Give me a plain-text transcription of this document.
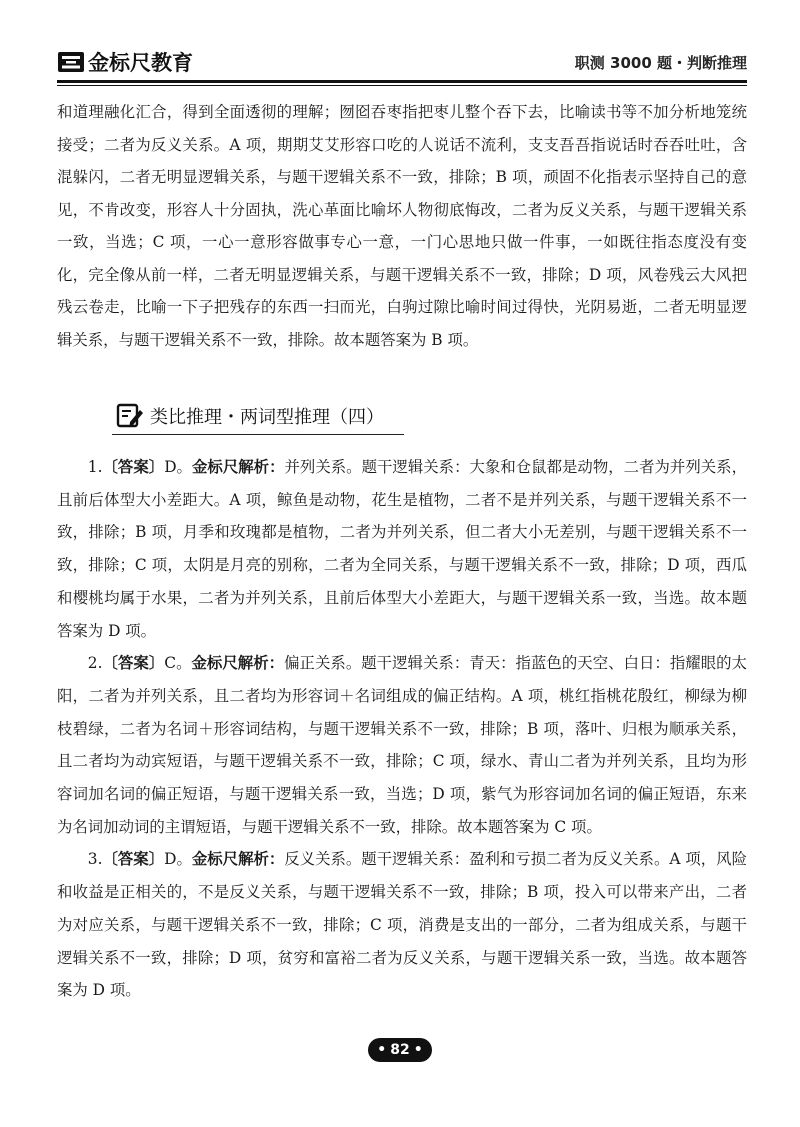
金标尺教育	职测 3000 题・判断推理

和道理融化汇合，得到全面透彻的理解；囫囵吞枣指把枣儿整个吞下去，比喻读书等不加分析地笼统接受；二者为反义关系。A 项，期期艾艾形容口吃的人说话不流利，支支吾吾指说话时吞吞吐吐，含混躲闪，二者无明显逻辑关系，与题干逻辑关系不一致，排除；B 项，顽固不化指表示坚持自己的意见，不肯改变，形容人十分固执，洗心革面比喻坏人物彻底悔改，二者为反义关系，与题干逻辑关系一致，当选；C 项，一心一意形容做事专心一意，一门心思地只做一件事，一如既往指态度没有变化，完全像从前一样，二者无明显逻辑关系，与题干逻辑关系不一致，排除；D 项，风卷残云大风把残云卷走，比喻一下子把残存的东西一扫而光，白驹过隙比喻时间过得快，光阴易逝，二者无明显逻辑关系，与题干逻辑关系不一致，排除。故本题答案为 B 项。

类比推理・两词型推理（四）

1.〔答案〕D。金标尺解析：并列关系。题干逻辑关系：大象和仓鼠都是动物，二者为并列关系，且前后体型大小差距大。A 项，鲸鱼是动物，花生是植物，二者不是并列关系，与题干逻辑关系不一致，排除；B 项，月季和玫瑰都是植物，二者为并列关系，但二者大小无差别，与题干逻辑关系不一致，排除；C 项，太阴是月亮的别称，二者为全同关系，与题干逻辑关系不一致，排除；D 项，西瓜和樱桃均属于水果，二者为并列关系，且前后体型大小差距大，与题干逻辑关系一致，当选。故本题答案为 D 项。

2.〔答案〕C。金标尺解析：偏正关系。题干逻辑关系：青天：指蓝色的天空、白日：指耀眼的太阳，二者为并列关系，且二者均为形容词＋名词组成的偏正结构。A 项，桃红指桃花殷红，柳绿为柳枝碧绿，二者为名词＋形容词结构，与题干逻辑关系不一致，排除；B 项，落叶、归根为顺承关系，且二者均为动宾短语，与题干逻辑关系不一致，排除；C 项，绿水、青山二者为并列关系，且均为形容词加名词的偏正短语，与题干逻辑关系一致，当选；D 项，紫气为形容词加名词的偏正短语，东来为名词加动词的主谓短语，与题干逻辑关系不一致，排除。故本题答案为 C 项。

3.〔答案〕D。金标尺解析：反义关系。题干逻辑关系：盈利和亏损二者为反义关系。A 项，风险和收益是正相关的，不是反义关系，与题干逻辑关系不一致，排除；B 项，投入可以带来产出，二者为对应关系，与题干逻辑关系不一致，排除；C 项，消费是支出的一部分，二者为组成关系，与题干逻辑关系不一致，排除；D 项，贫穷和富裕二者为反义关系，与题干逻辑关系一致，当选。故本题答案为 D 项。

• 82 •
